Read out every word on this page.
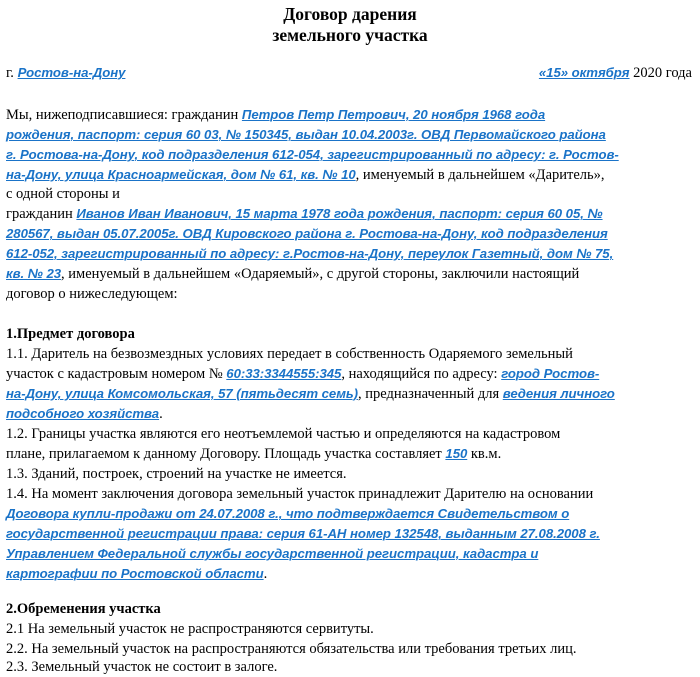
Договор дарения
земельного участка
г. Ростов-на-Дону	«15» октября 2020 года
Мы, нижеподписавшиеся: гражданин Петров Петр Петрович, 20 ноября 1968 года
рождения, паспорт: серия 60 03, № 150345, выдан 10.04.2003г. ОВД Первомайского района
г. Ростова-на-Дону, код подразделения 612-054, зарегистрированный по адресу: г. Ростов-
на-Дону, улица Красноармейская, дом № 61, кв. № 10, именуемый в дальнейшем «Даритель»,
с одной стороны и
гражданин Иванов Иван Иванович, 15 марта 1978 года рождения, паспорт: серия 60 05, №
280567, выдан 05.07.2005г. ОВД Кировского района г. Ростова-на-Дону, код подразделения
612-052, зарегистрированный по адресу: г.Ростов-на-Дону, переулок Газетный, дом № 75,
кв. № 23, именуемый в дальнейшем «Одаряемый», с другой стороны, заключили настоящий
договор о нижеследующем:
1.Предмет договора
1.1. Даритель на безвозмездных условиях передает в собственность Одаряемого земельный
участок с кадастровым номером № 60:33:3344555:345, находящийся по адресу: город Ростов-
на-Дону, улица Комсомольская, 57 (пятьдесят семь), предназначенный для ведения личного
подсобного хозяйства.
1.2. Границы участка являются его неотъемлемой частью и определяются на кадастровом
плане, прилагаемом к данному Договору. Площадь участка составляет 150 кв.м.
1.3. Зданий, построек, строений на участке не имеется.
1.4. На момент заключения договора земельный участок принадлежит Дарителю на основании
Договора купли-продажи от 24.07.2008 г., что подтверждается Свидетельством о
государственной регистрации права: серия 61-АН номер 132548, выданным 27.08.2008 г.
Управлением Федеральной службы государственной регистрации, кадастра и
картографии по Ростовской области.
2.Обременения участка
2.1 На земельный участок не распространяются сервитуты.
2.2. На земельный участок на распространяются обязательства или требования третьих лиц.
2.3. Земельный участок не состоит в залоге.
